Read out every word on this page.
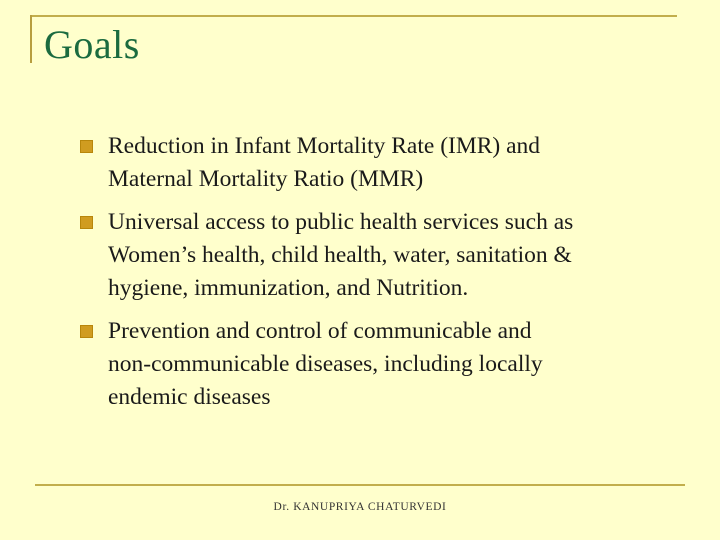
Goals
Reduction in Infant Mortality Rate (IMR) and
Maternal Mortality Ratio (MMR)
Universal access to public health services such as
Women’s health, child health, water, sanitation &
hygiene, immunization, and Nutrition.
Prevention and control of communicable and
non-communicable diseases, including locally
endemic diseases
Dr. KANUPRIYA CHATURVEDI
